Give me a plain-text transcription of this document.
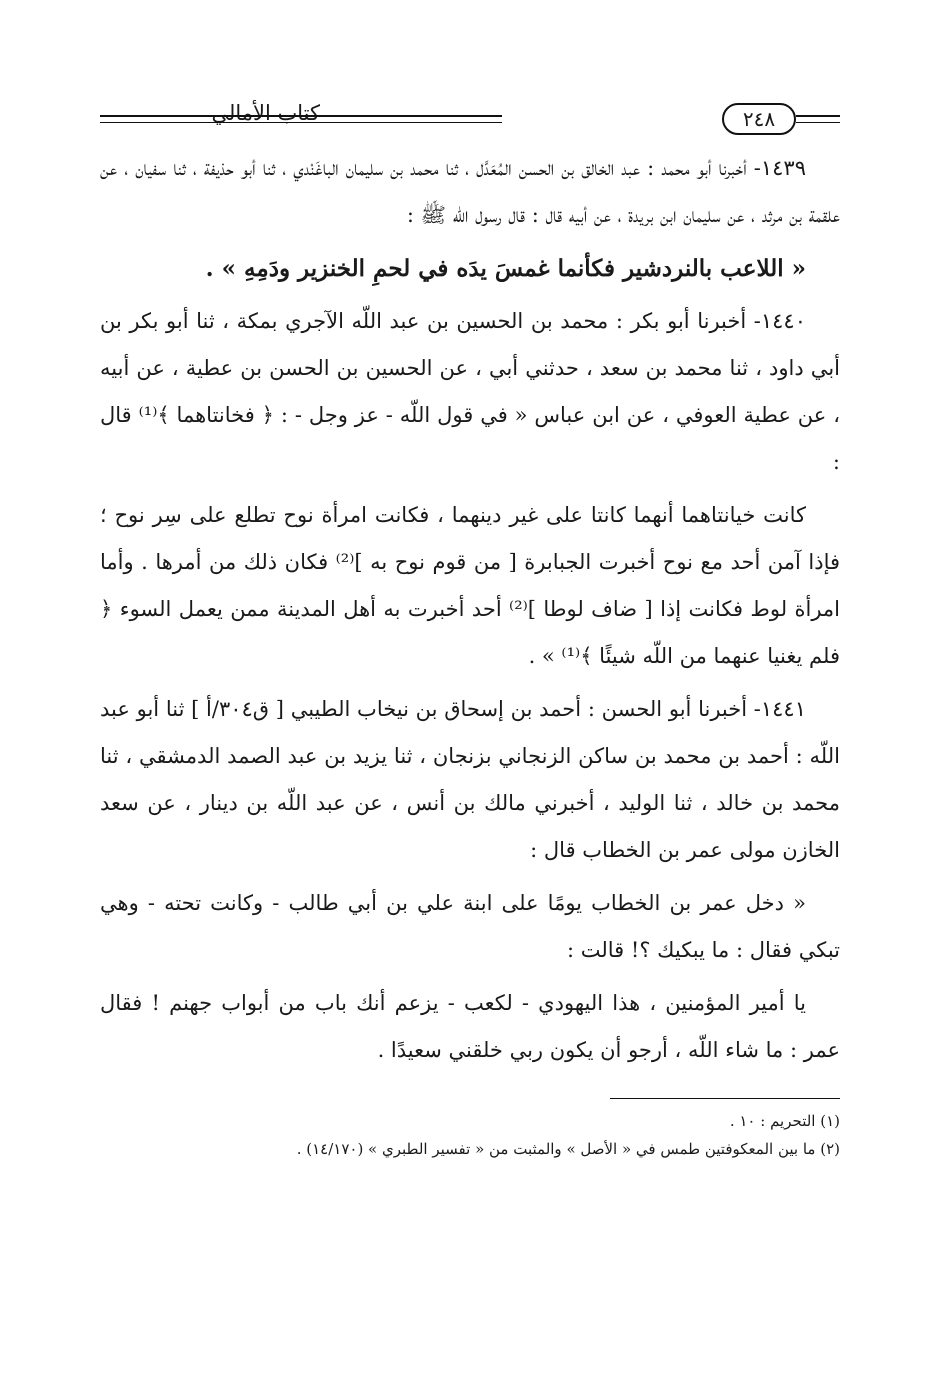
٢٤٨
كتاب الأمالي

١٤٣٩- أخبرنا أبو محمد : عبد الخالق بن الحسن المُعَدَّل ، ثنا محمد بن سليمان الباغَنْدي ، ثنا أبو حذيفة ، ثنا سفيان ، عن علقمة بن مرثد ، عن سليمان ابن بريدة ، عن أبيه قال : قال رسول اللّه ﷺ :

« اللاعب بالنردشير فكأنما غمسَ يدَه في لحمِ الخنزير ودَمِهِ » .

١٤٤٠- أخبرنا أبو بكر : محمد بن الحسين بن عبد اللّه الآجري بمكة ، ثنا أبو بكر بن أبي داود ، ثنا محمد بن سعد ، حدثني أبي ، عن الحسين بن الحسن بن عطية ، عن أبيه ، عن عطية العوفي ، عن ابن عباس « في قول اللّه - عز وجل - : ﴿ فخانتاهما ﴾⁽¹⁾ قال :

كانت خيانتاهما أنهما كانتا على غير دينهما ، فكانت امرأة نوح تطلع على سِر نوح ؛ فإذا آمن أحد مع نوح أخبرت الجبابرة [ من قوم نوح به ]⁽²⁾ فكان ذلك من أمرها . وأما امرأة لوط فكانت إذا [ ضاف لوطا ]⁽²⁾ أحد أخبرت به أهل المدينة ممن يعمل السوء ﴿ فلم يغنيا عنهما من اللّه شيئًا ﴾⁽¹⁾ » .

١٤٤١- أخبرنا أبو الحسن : أحمد بن إسحاق بن نيخاب الطيبي [ ق٣٠٤/أ ] ثنا أبو عبد اللّه : أحمد بن محمد بن ساكن الزنجاني بزنجان ، ثنا يزيد بن عبد الصمد الدمشقي ، ثنا محمد بن خالد ، ثنا الوليد ، أخبرني مالك بن أنس ، عن عبد اللّه بن دينار ، عن سعد الخازن مولى عمر بن الخطاب قال :

« دخل عمر بن الخطاب يومًا على ابنة علي بن أبي طالب - وكانت تحته - وهي تبكي فقال : ما يبكيك ؟! قالت :

يا أمير المؤمنين ، هذا اليهودي - لكعب - يزعم أنك باب من أبواب جهنم ! فقال عمر : ما شاء اللّه ، أرجو أن يكون ربي خلقني سعيدًا .

(١) التحريم : ١٠ .
(٢) ما بين المعكوفتين طمس في « الأصل » والمثبت من « تفسير الطبري » (١٤/١٧٠) .
